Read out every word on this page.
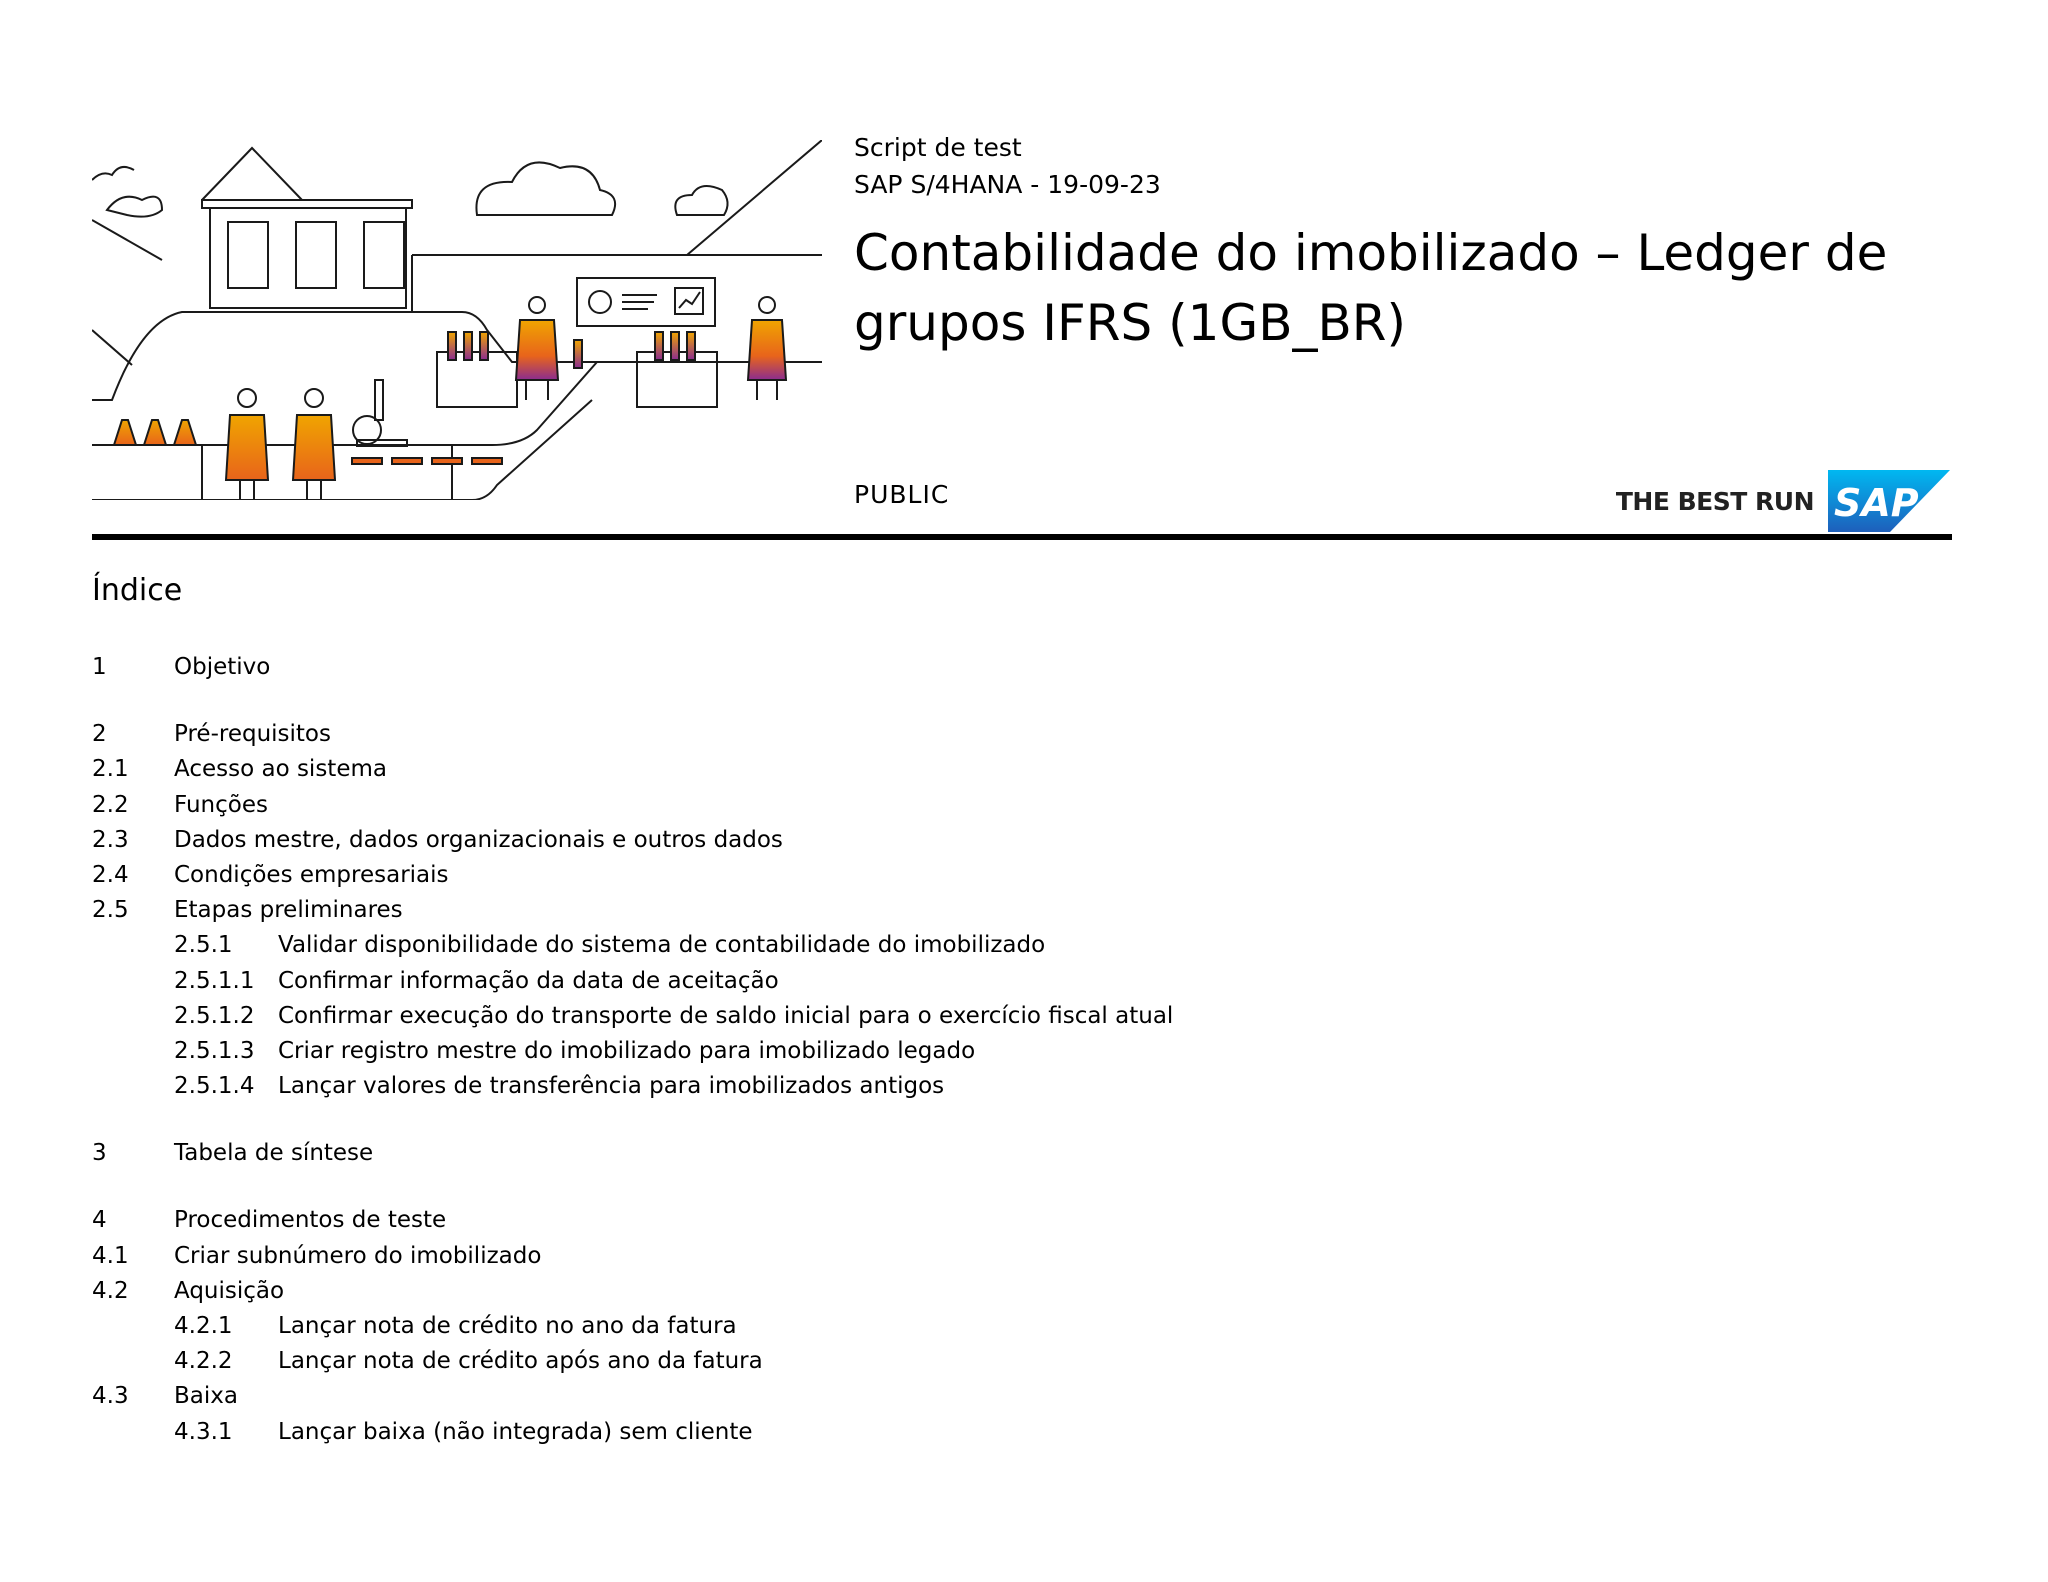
Script de test
SAP S/4HANA - 19-09-23
Contabilidade do imobilizado – Ledger de grupos IFRS (1GB_BR)
PUBLIC	THE BEST RUN SAP
Índice
1	Objetivo
2	Pré-requisitos
2.1 Acesso ao sistema
2.2 Funções
2.3 Dados mestre, dados organizacionais e outros dados
2.4 Condições empresariais
2.5 Etapas preliminares
2.5.1 Validar disponibilidade do sistema de contabilidade do imobilizado
2.5.1.1 Confirmar informação da data de aceitação
2.5.1.2 Confirmar execução do transporte de saldo inicial para o exercício fiscal atual
2.5.1.3 Criar registro mestre do imobilizado para imobilizado legado
2.5.1.4 Lançar valores de transferência para imobilizados antigos
3	Tabela de síntese
4	Procedimentos de teste
4.1 Criar subnúmero do imobilizado
4.2 Aquisição
4.2.1 Lançar nota de crédito no ano da fatura
4.2.2 Lançar nota de crédito após ano da fatura
4.3 Baixa
4.3.1 Lançar baixa (não integrada) sem cliente
